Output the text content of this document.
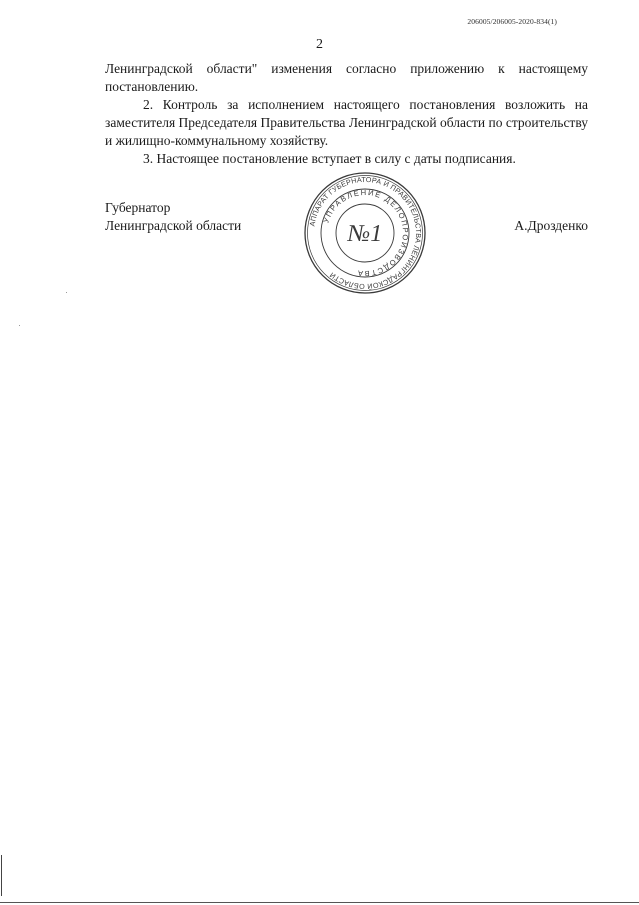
206005/206005-2020-834(1)
2

Ленинградской области" изменения согласно приложению к настоящему постановлению.

2. Контроль за исполнением настоящего постановления возложить на заместителя Председателя Правительства Ленинградской области по строительству и жилищно-коммунальному хозяйству.

3. Настоящее постановление вступает в силу с даты подписания.

Губернатор
Ленинградской области	А.Дрозденко
АППАРАТ ГУБЕРНАТОРА И ПРАВИТЕЛЬСТВА ЛЕНИНГРАДСКОЙ ОБЛАСТИ
УПРАВЛЕНИЕ ДЕЛОПРОИЗВОДСТВА
№1
